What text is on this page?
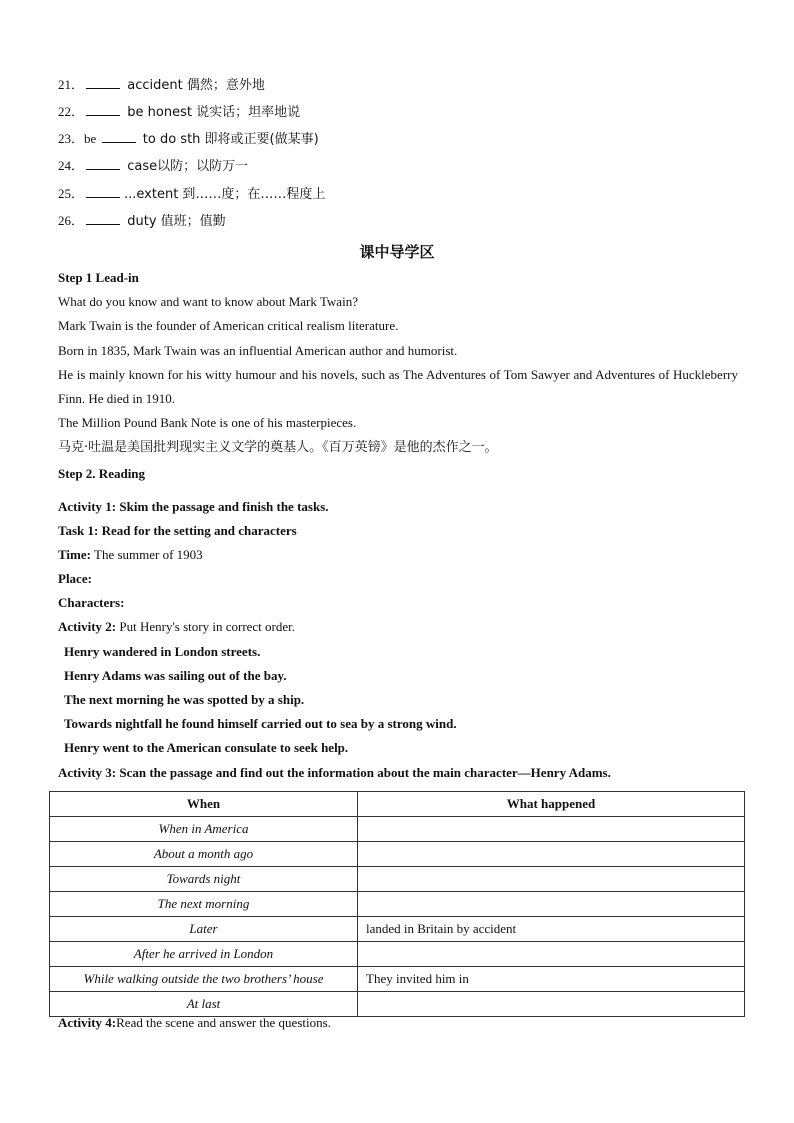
21．	accident 偶然；意外地
22．	be honest 说实话；坦率地说
23．be	to do sth 即将或正要(做某事)
24．	case以防；以防万一
25．	...extent 到……度；在……程度上
26．	duty 值班；值勤
课中导学区
Step 1 Lead-in
What do you know and want to know about Mark Twain?
Mark Twain is the founder of American critical realism literature.
Born in 1835, Mark Twain was an influential American author and humorist.
He is mainly known for his witty humour and his novels, such as The Adventures of Tom Sawyer and Adventures of Huckleberry Finn. He died in 1910.
The Million Pound Bank Note is one of his masterpieces.
马克·吐温是美国批判现实主义文学的奠基人。《百万英镑》是他的杰作之一。
Step 2. Reading
Activity 1: Skim the passage and finish the tasks.
Task 1: Read for the setting and characters
Time: The summer of 1903
Place:
Characters:
Activity 2: Put Henry's story in correct order.
Henry wandered in London streets.
Henry Adams was sailing out of the bay.
The next morning he was spotted by a ship.
Towards nightfall he found himself carried out to sea by a strong wind.
Henry went to the American consulate to seek help.
Activity 3: Scan the passage and find out the information about the main character—Henry Adams.
When	What happened
When in America	
About a month ago	
Towards night	
The next morning	
Later	landed in Britain by accident
After he arrived in London	
While walking outside the two brothers’ house	They invited him in
At last	
Activity 4:Read the scene and answer the questions.
